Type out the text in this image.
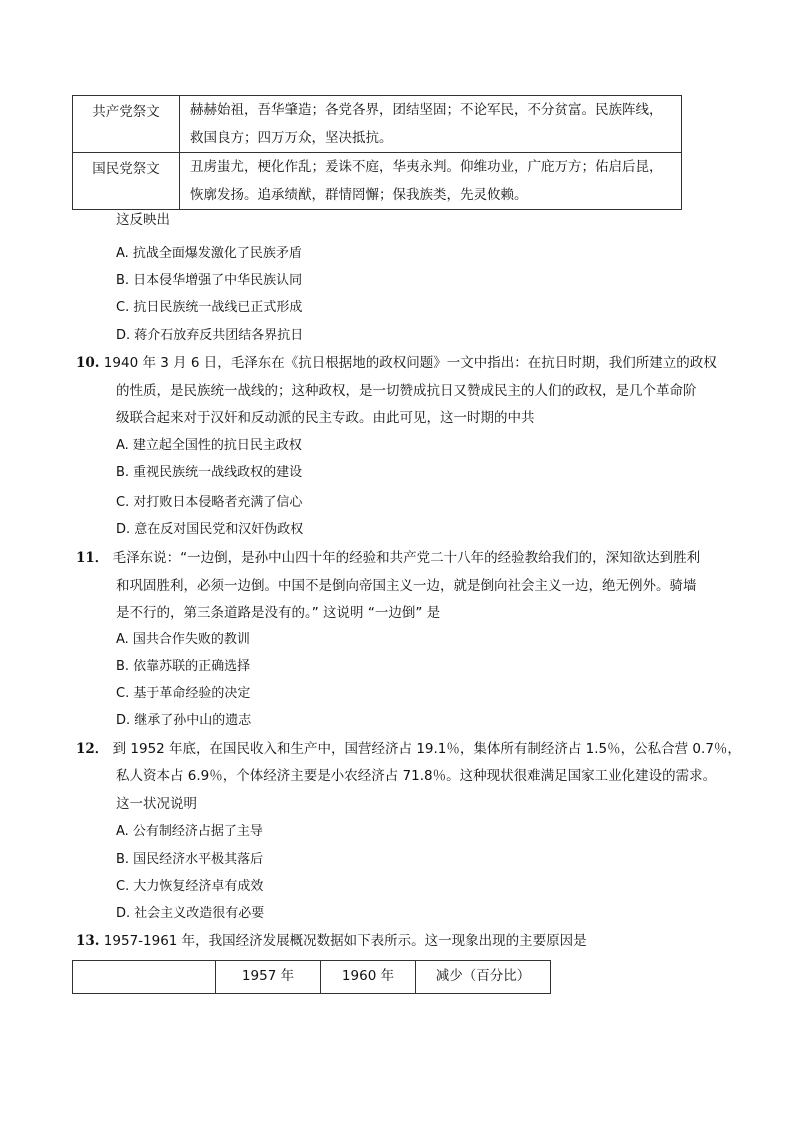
共产党祭文	赫赫始祖，吾华肇造；各党各界，团结坚固；不论军民，不分贫富。民族阵线，
救国良方；四万万众，坚决抵抗。

国民党祭文	丑虏蚩尤，梗化作乱；爰诛不庭，华夷永判。仰维功业，广庇万方；佑启后昆，
恢廓发扬。追承绩猷，群情罔懈；保我族类，先灵攸赖。
这反映出
A. 抗战全面爆发激化了民族矛盾
B. 日本侵华增强了中华民族认同
C. 抗日民族统一战线已正式形成
D. 蒋介石放弃反共团结各界抗日
10. 1940 年 3 月 6 日，毛泽东在《抗日根据地的政权问题》一文中指出：在抗日时期，我们所建立的政权
的性质，是民族统一战线的；这种政权，是一切赞成抗日又赞成民主的人们的政权，是几个革命阶
级联合起来对于汉奸和反动派的民主专政。由此可见，这一时期的中共
A. 建立起全国性的抗日民主政权
B. 重视民族统一战线政权的建设
C. 对打败日本侵略者充满了信心
D. 意在反对国民党和汉奸伪政权
11． 毛泽东说：“一边倒，是孙中山四十年的经验和共产党二十八年的经验教给我们的，深知欲达到胜利
和巩固胜利，必须一边倒。中国不是倒向帝国主义一边，就是倒向社会主义一边，绝无例外。骑墙
是不行的，第三条道路是没有的。” 这说明 “一边倒” 是
A. 国共合作失败的教训
B. 依靠苏联的正确选择
C. 基于革命经验的决定
D. 继承了孙中山的遗志
12． 到 1952 年底，在国民收入和生产中，国营经济占 19.1％，集体所有制经济占 1.5％，公私合营 0.7％，
私人资本占 6.9％，个体经济主要是小农经济占 71.8％。这种现状很难满足国家工业化建设的需求。
这一状况说明
A. 公有制经济占据了主导
B. 国民经济水平极其落后
C. 大力恢复经济卓有成效
D. 社会主义改造很有必要
13. 1957-1961 年，我国经济发展概况数据如下表所示。这一现象出现的主要原因是
	1957 年	1960 年	减少（百分比）
